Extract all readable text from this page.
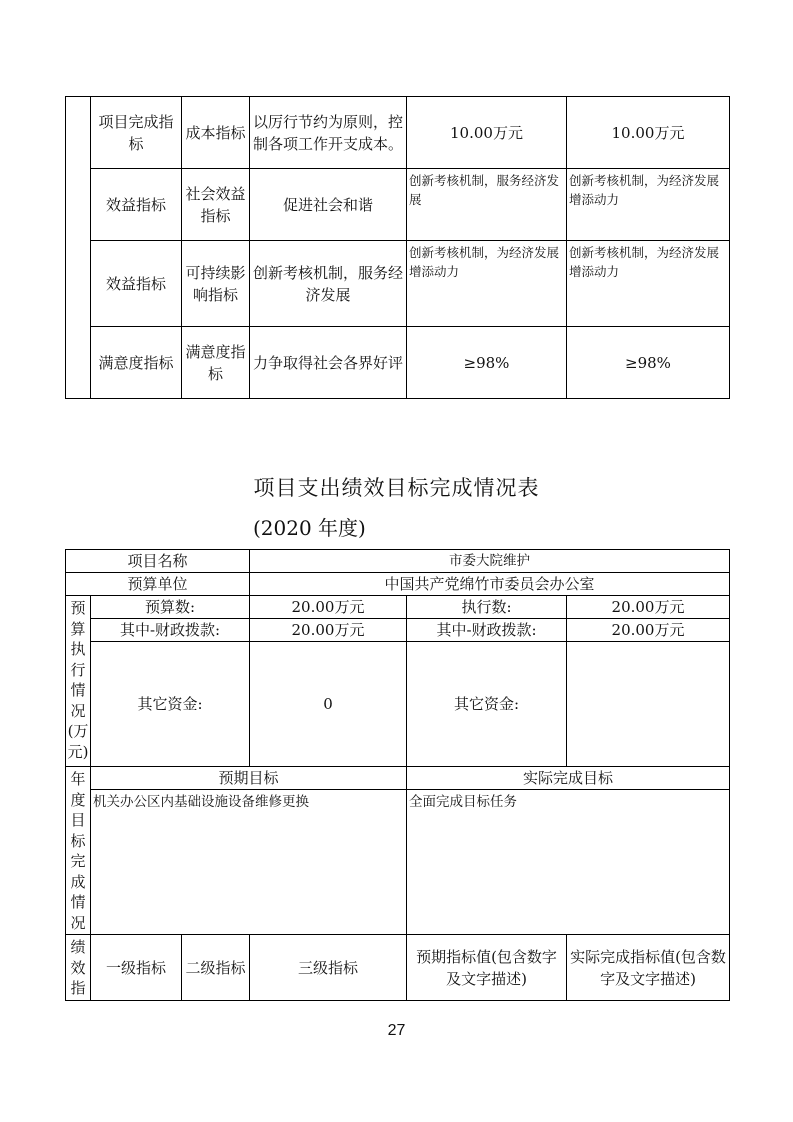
	项目完成指标	成本指标	以厉行节约为原则，控制各项工作开支成本。	10.00万元	10.00万元
	效益指标	社会效益指标	促进社会和谐	创新考核机制，服务经济发展	创新考核机制，为经济发展增添动力
	效益指标	可持续影响指标	创新考核机制，服务经济发展	创新考核机制，为经济发展增添动力	创新考核机制，为经济发展增添动力
	满意度指标	满意度指标	力争取得社会各界好评	≥98%	≥98%
项目支出绩效目标完成情况表
(2020 年度)
项目名称			市委大院维护		
预算单位			中国共产党绵竹市委员会办公室		
预算执行情况(万元)	预算数:		20.00万元	执行数:	20.00万元
	其中-财政拨款:		20.00万元	其中-财政拨款:	20.00万元
	其它资金:		0	其它资金:	
年度目标完成情况	预期目标			实际完成目标	
	机关办公区内基础设施设备维修更换			全面完成目标任务	
绩效指	一级指标	二级指标	三级指标	预期指标值(包含数字及文字描述)	实际完成指标值(包含数字及文字描述)
27
